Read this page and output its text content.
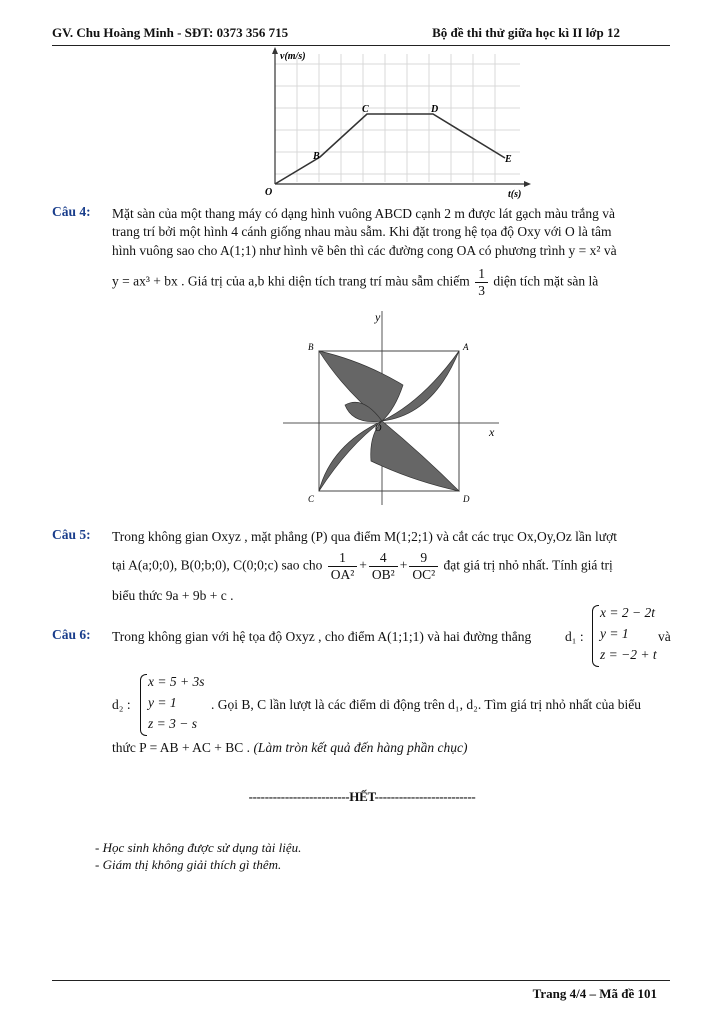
GV. Chu Hoàng Minh - SĐT: 0373 356 715	Bộ đề thi thử giữa học kì II lớp 12
v(m/s)
t(s)
O
B
C	D
E
Câu 4: Mặt sàn của một thang máy có dạng hình vuông ABCD cạnh 2 m được lát gạch màu trắng và
trang trí bởi một hình 4 cánh giống nhau màu sẫm. Khi đặt trong hệ tọa độ Oxy với O là tâm
hình vuông sao cho A(1;1) như hình vẽ bên thì các đường cong OA có phương trình y = x² và
y = ax³ + bx . Giá trị của a,b khi diện tích trang trí màu sẫm chiếm $\frac{1}{3}$ diện tích mặt sàn là
A
B
C	D
O	x
y
Câu 5: Trong không gian Oxyz , mặt phẳng (P) qua điểm M(1;2;1) và cắt các trục Ox,Oy,Oz lần lượt
tại A(a;0;0), B(0;b;0), C(0;0;c) sao cho $\frac{1}{\text{OA²}} + \frac{4}{\text{OB²}} + \frac{9}{\text{OC²}}$ đạt giá trị nhỏ nhất. Tính giá trị
biểu thức 9a + 9b + c .
Câu 6: Trong không gian với hệ tọa độ Oxyz , cho điểm A(1;1;1) và hai đường thẳng	d₁ :
x = 2 − 2t
y = 1
z = −2 + t
và
d₂ :
x = 5 + 3s
y = 1
z = 3 − s
. Gọi B, C lần lượt là các điểm di động trên d₁, d₂. Tìm giá trị nhỏ nhất của biểu
thức P = AB + AC + BC . (Làm tròn kết quả đến hàng phần chục)
-------------------------HẾT-------------------------
- Học sinh không được sử dụng tài liệu.
- Giám thị không giải thích gì thêm.
Trang 4/4 – Mã đề 101
